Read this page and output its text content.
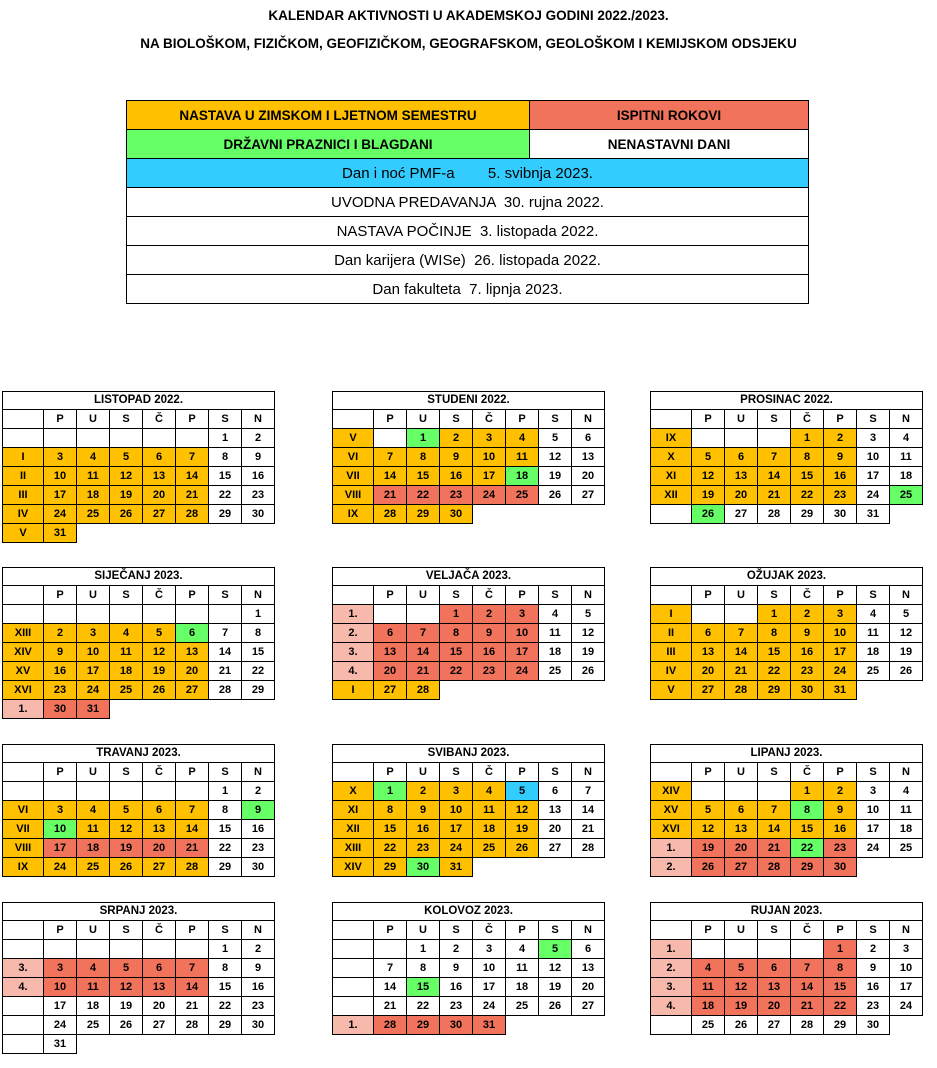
KALENDAR AKTIVNOSTI U AKADEMSKOJ GODINI 2022./2023.
NA BIOLOŠKOM, FIZIČKOM, GEOFIZIČKOM, GEOGRAFSKOM, GEOLOŠKOM I KEMIJSKOM ODSJEKU
NASTAVA U ZIMSKOM I LJETNOM SEMESTRU	ISPITNI ROKOVI
DRŽAVNI PRAZNICI I BLAGDANI	NENASTAVNI DANI
Dan i noć PMF-a        5. svibnja 2023.	
UVODNA PREDAVANJA  30. rujna 2022.	
NASTAVA POČINJE  3. listopada 2022.	
Dan karijera (WISe)  26. listopada 2022.	
Dan fakulteta  7. lipnja 2023.	
LISTOPAD 2022.							
	P	U	S	Č	P	S	N
						1	2
I	3	4	5	6	7	8	9
II	10	11	12	13	14	15	16
III	17	18	19	20	21	22	23
IV	24	25	26	27	28	29	30
V	31						
STUDENI 2022.							
	P	U	S	Č	P	S	N
V		1	2	3	4	5	6
VI	7	8	9	10	11	12	13
VII	14	15	16	17	18	19	20
VIII	21	22	23	24	25	26	27
IX	28	29	30				
PROSINAC 2022.							
	P	U	S	Č	P	S	N
IX				1	2	3	4
X	5	6	7	8	9	10	11
XI	12	13	14	15	16	17	18
XII	19	20	21	22	23	24	25
	26	27	28	29	30	31	
SIJEČANJ 2023.							
	P	U	S	Č	P	S	N
							1
XIII	2	3	4	5	6	7	8
XIV	9	10	11	12	13	14	15
XV	16	17	18	19	20	21	22
XVI	23	24	25	26	27	28	29
1.	30	31					
VELJAČA 2023.							
	P	U	S	Č	P	S	N
1.			1	2	3	4	5
2.	6	7	8	9	10	11	12
3.	13	14	15	16	17	18	19
4.	20	21	22	23	24	25	26
I	27	28					
OŽUJAK 2023.							
	P	U	S	Č	P	S	N
I			1	2	3	4	5
II	6	7	8	9	10	11	12
III	13	14	15	16	17	18	19
IV	20	21	22	23	24	25	26
V	27	28	29	30	31		
TRAVANJ 2023.							
	P	U	S	Č	P	S	N
						1	2
VI	3	4	5	6	7	8	9
VII	10	11	12	13	14	15	16
VIII	17	18	19	20	21	22	23
IX	24	25	26	27	28	29	30
SVIBANJ 2023.							
	P	U	S	Č	P	S	N
X	1	2	3	4	5	6	7
XI	8	9	10	11	12	13	14
XII	15	16	17	18	19	20	21
XIII	22	23	24	25	26	27	28
XIV	29	30	31				
LIPANJ 2023.							
	P	U	S	Č	P	S	N
XIV				1	2	3	4
XV	5	6	7	8	9	10	11
XVI	12	13	14	15	16	17	18
1.	19	20	21	22	23	24	25
2.	26	27	28	29	30		
SRPANJ 2023.							
	P	U	S	Č	P	S	N
						1	2
3.	3	4	5	6	7	8	9
4.	10	11	12	13	14	15	16
	17	18	19	20	21	22	23
	24	25	26	27	28	29	30
	31						
KOLOVOZ 2023.							
	P	U	S	Č	P	S	N
		1	2	3	4	5	6
	7	8	9	10	11	12	13
	14	15	16	17	18	19	20
	21	22	23	24	25	26	27
1.	28	29	30	31			
RUJAN 2023.							
	P	U	S	Č	P	S	N
1.					1	2	3
2.	4	5	6	7	8	9	10
3.	11	12	13	14	15	16	17
4.	18	19	20	21	22	23	24
	25	26	27	28	29	30	
